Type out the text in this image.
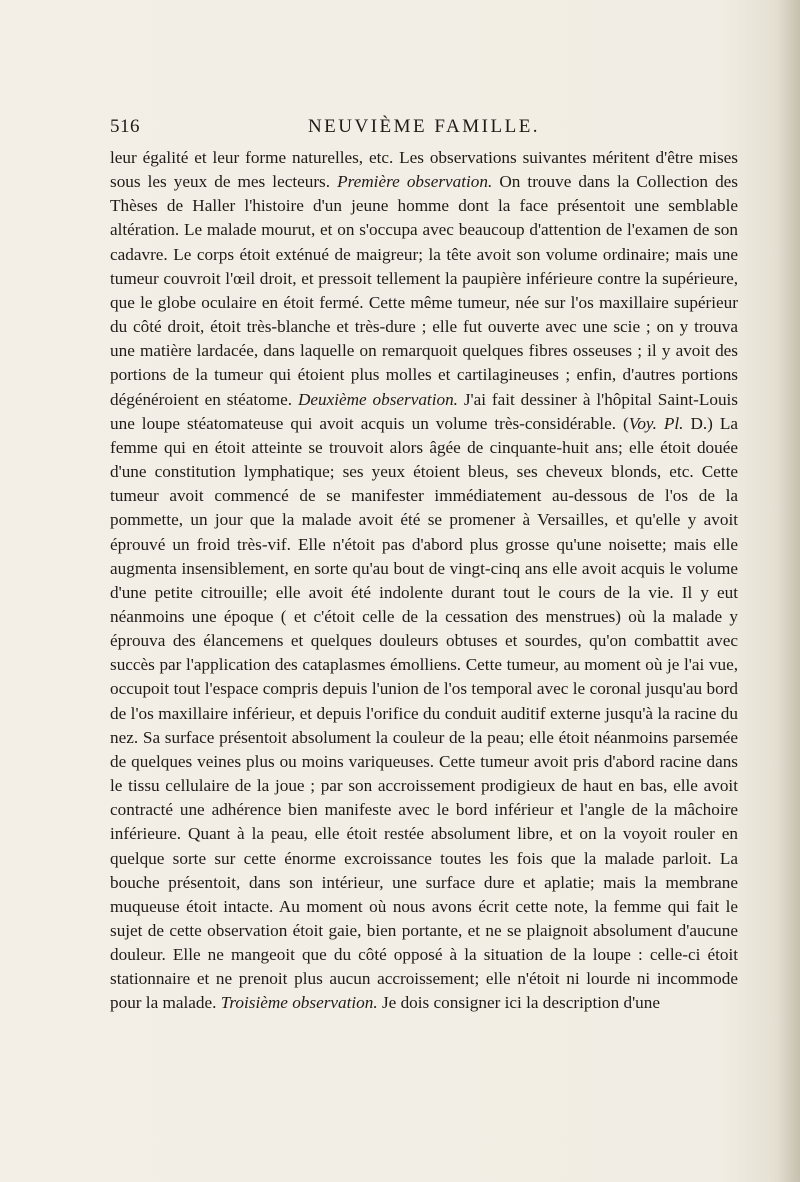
516	NEUVIÈME FAMILLE.
leur égalité et leur forme naturelles, etc. Les observations suivantes méritent d'être mises sous les yeux de mes lecteurs. Première observation. On trouve dans la Collection des Thèses de Haller l'histoire d'un jeune homme dont la face présentoit une semblable altération. Le malade mourut, et on s'occupa avec beaucoup d'attention de l'examen de son cadavre. Le corps étoit exténué de maigreur; la tête avoit son volume ordinaire; mais une tumeur couvroit l'œil droit, et pressoit tellement la paupière inférieure contre la supérieure, que le globe oculaire en étoit fermé. Cette même tumeur, née sur l'os maxillaire supérieur du côté droit, étoit très-blanche et très-dure ; elle fut ouverte avec une scie ; on y trouva une matière lardacée, dans laquelle on remarquoit quelques fibres osseuses ; il y avoit des portions de la tumeur qui étoient plus molles et cartilagineuses ; enfin, d'autres portions dégénéroient en stéatome. Deuxième observation. J'ai fait dessiner à l'hôpital Saint-Louis une loupe stéatomateuse qui avoit acquis un volume très-considérable. (Voy. Pl. D.) La femme qui en étoit atteinte se trouvoit alors âgée de cinquante-huit ans; elle étoit douée d'une constitution lymphatique; ses yeux étoient bleus, ses cheveux blonds, etc. Cette tumeur avoit commencé de se manifester immédiatement au-dessous de l'os de la pommette, un jour que la malade avoit été se promener à Versailles, et qu'elle y avoit éprouvé un froid très-vif. Elle n'étoit pas d'abord plus grosse qu'une noisette; mais elle augmenta insensiblement, en sorte qu'au bout de vingt-cinq ans elle avoit acquis le volume d'une petite citrouille; elle avoit été indolente durant tout le cours de la vie. Il y eut néanmoins une époque ( et c'étoit celle de la cessation des menstrues) où la malade y éprouva des élancemens et quelques douleurs obtuses et sourdes, qu'on combattit avec succès par l'application des cataplasmes émolliens. Cette tumeur, au moment où je l'ai vue, occupoit tout l'espace compris depuis l'union de l'os temporal avec le coronal jusqu'au bord de l'os maxillaire inférieur, et depuis l'orifice du conduit auditif externe jusqu'à la racine du nez. Sa surface présentoit absolument la couleur de la peau; elle étoit néanmoins parsemée de quelques veines plus ou moins variqueuses. Cette tumeur avoit pris d'abord racine dans le tissu cellulaire de la joue ; par son accroissement prodigieux de haut en bas, elle avoit contracté une adhérence bien manifeste avec le bord inférieur et l'angle de la mâchoire inférieure. Quant à la peau, elle étoit restée absolument libre, et on la voyoit rouler en quelque sorte sur cette énorme excroissance toutes les fois que la malade parloit. La bouche présentoit, dans son intérieur, une surface dure et aplatie; mais la membrane muqueuse étoit intacte. Au moment où nous avons écrit cette note, la femme qui fait le sujet de cette observation étoit gaie, bien portante, et ne se plaignoit absolument d'aucune douleur. Elle ne mangeoit que du côté opposé à la situation de la loupe : celle-ci étoit stationnaire et ne prenoit plus aucun accroissement; elle n'étoit ni lourde ni incommode pour la malade. Troisième observation. Je dois consigner ici la description d'une
